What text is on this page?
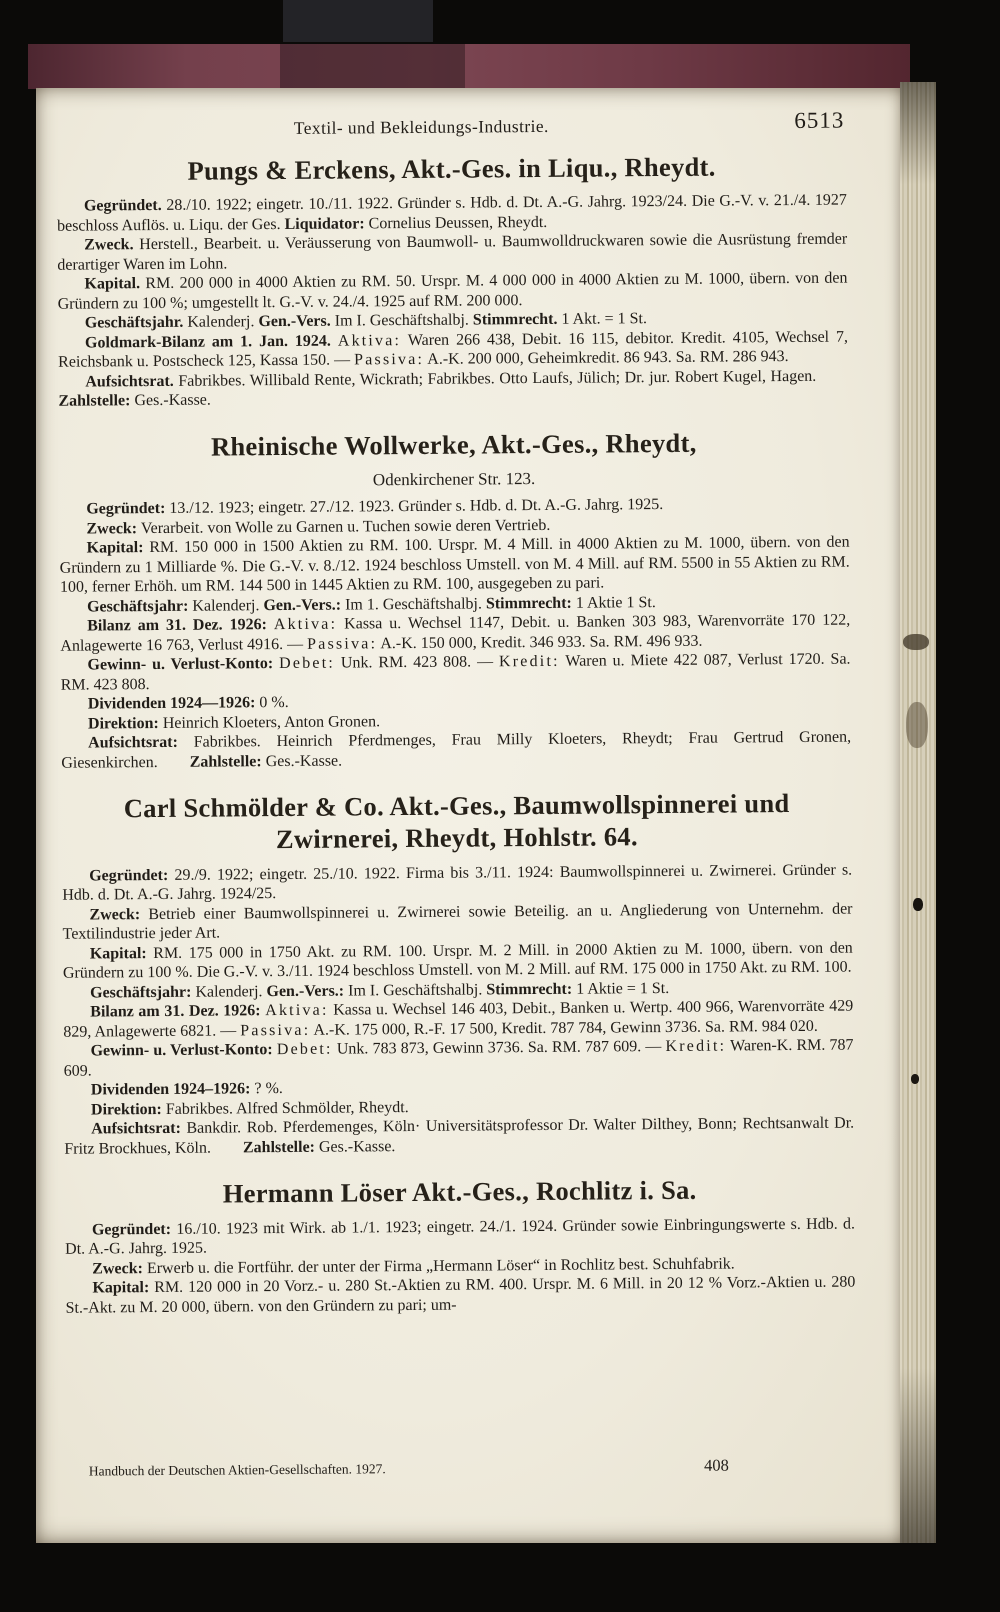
Textil- und Bekleidungs-Industrie.	6513
Pungs & Erckens, Akt.-Ges. in Liqu., Rheydt.

Gegründet. 28./10. 1922; eingetr. 10./11. 1922. Gründer s. Hdb. d. Dt. A.-G. Jahrg. 1923/24. Die G.-V. v. 21./4. 1927 beschloss Auflös. u. Liqu. der Ges. Liquidator: Cornelius Deussen, Rheydt.

Zweck. Herstell., Bearbeit. u. Veräusserung von Baumwoll- u. Baumwolldruckwaren sowie die Ausrüstung fremder derartiger Waren im Lohn.

Kapital. RM. 200 000 in 4000 Aktien zu RM. 50. Urspr. M. 4 000 000 in 4000 Aktien zu M. 1000, übern. von den Gründern zu 100 %; umgestellt lt. G.-V. v. 24./4. 1925 auf RM. 200 000.

Geschäftsjahr. Kalenderj. Gen.-Vers. Im I. Geschäftshalbj. Stimmrecht. 1 Akt. = 1 St.

Goldmark-Bilanz am 1. Jan. 1924. Aktiva: Waren 266 438, Debit. 16 115, debitor. Kredit. 4105, Wechsel 7, Reichsbank u. Postscheck 125, Kassa 150. — Passiva: A.-K. 200 000, Geheimkredit. 86 943. Sa. RM. 286 943.

Aufsichtsrat. Fabrikbes. Willibald Rente, Wickrath; Fabrikbes. Otto Laufs, Jülich; Dr. jur. Robert Kugel, Hagen.  Zahlstelle: Ges.-Kasse.

Rheinische Wollwerke, Akt.-Ges., Rheydt,
Odenkirchener Str. 123.

Gegründet: 13./12. 1923; eingetr. 27./12. 1923. Gründer s. Hdb. d. Dt. A.-G. Jahrg. 1925.

Zweck: Verarbeit. von Wolle zu Garnen u. Tuchen sowie deren Vertrieb.

Kapital: RM. 150 000 in 1500 Aktien zu RM. 100. Urspr. M. 4 Mill. in 4000 Aktien zu M. 1000, übern. von den Gründern zu 1 Milliarde %. Die G.-V. v. 8./12. 1924 beschloss Umstell. von M. 4 Mill. auf RM. 5500 in 55 Aktien zu RM. 100, ferner Erhöh. um RM. 144 500 in 1445 Aktien zu RM. 100, ausgegeben zu pari.

Geschäftsjahr: Kalenderj. Gen.-Vers.: Im 1. Geschäftshalbj. Stimmrecht: 1 Aktie 1 St.

Bilanz am 31. Dez. 1926: Aktiva: Kassa u. Wechsel 1147, Debit. u. Banken 303 983, Warenvorräte 170 122, Anlagewerte 16 763, Verlust 4916. — Passiva: A.-K. 150 000, Kredit. 346 933. Sa. RM. 496 933.

Gewinn- u. Verlust-Konto: Debet: Unk. RM. 423 808. — Kredit: Waren u. Miete 422 087, Verlust 1720. Sa. RM. 423 808.

Dividenden 1924—1926: 0 %.

Direktion: Heinrich Kloeters, Anton Gronen.

Aufsichtsrat: Fabrikbes. Heinrich Pferdmenges, Frau Milly Kloeters, Rheydt; Frau Gertrud Gronen, Giesenkirchen.  Zahlstelle: Ges.-Kasse.

Carl Schmölder & Co. Akt.-Ges., Baumwollspinnerei und Zwirnerei, Rheydt, Hohlstr. 64.

Gegründet: 29./9. 1922; eingetr. 25./10. 1922. Firma bis 3./11. 1924: Baumwollspinnerei u. Zwirnerei. Gründer s. Hdb. d. Dt. A.-G. Jahrg. 1924/25.

Zweck: Betrieb einer Baumwollspinnerei u. Zwirnerei sowie Beteilig. an u. Angliederung von Unternehm. der Textilindustrie jeder Art.

Kapital: RM. 175 000 in 1750 Akt. zu RM. 100. Urspr. M. 2 Mill. in 2000 Aktien zu M. 1000, übern. von den Gründern zu 100 %. Die G.-V. v. 3./11. 1924 beschloss Umstell. von M. 2 Mill. auf RM. 175 000 in 1750 Akt. zu RM. 100.

Geschäftsjahr: Kalenderj. Gen.-Vers.: Im I. Geschäftshalbj. Stimmrecht: 1 Aktie = 1 St.

Bilanz am 31. Dez. 1926: Aktiva: Kassa u. Wechsel 146 403, Debit., Banken u. Wertp. 400 966, Warenvorräte 429 829, Anlagewerte 6821. — Passiva: A.-K. 175 000, R.-F. 17 500, Kredit. 787 784, Gewinn 3736. Sa. RM. 984 020.

Gewinn- u. Verlust-Konto: Debet: Unk. 783 873, Gewinn 3736. Sa. RM. 787 609. — Kredit: Waren-K. RM. 787 609.

Dividenden 1924–1926: ? %.

Direktion: Fabrikbes. Alfred Schmölder, Rheydt.

Aufsichtsrat: Bankdir. Rob. Pferdemenges, Köln· Universitätsprofessor Dr. Walter Dilthey, Bonn; Rechtsanwalt Dr. Fritz Brockhues, Köln.  Zahlstelle: Ges.-Kasse.

Hermann Löser Akt.-Ges., Rochlitz i. Sa.

Gegründet: 16./10. 1923 mit Wirk. ab 1./1. 1923; eingetr. 24./1. 1924. Gründer sowie Einbringungswerte s. Hdb. d. Dt. A.-G. Jahrg. 1925.

Zweck: Erwerb u. die Fortführ. der unter der Firma „Hermann Löser“ in Rochlitz best. Schuhfabrik.

Kapital: RM. 120 000 in 20 Vorz.- u. 280 St.-Aktien zu RM. 400. Urspr. M. 6 Mill. in 20 12 % Vorz.-Aktien u. 280 St.-Akt. zu M. 20 000, übern. von den Gründern zu pari; um-

Handbuch der Deutschen Aktien-Gesellschaften. 1927.	408
